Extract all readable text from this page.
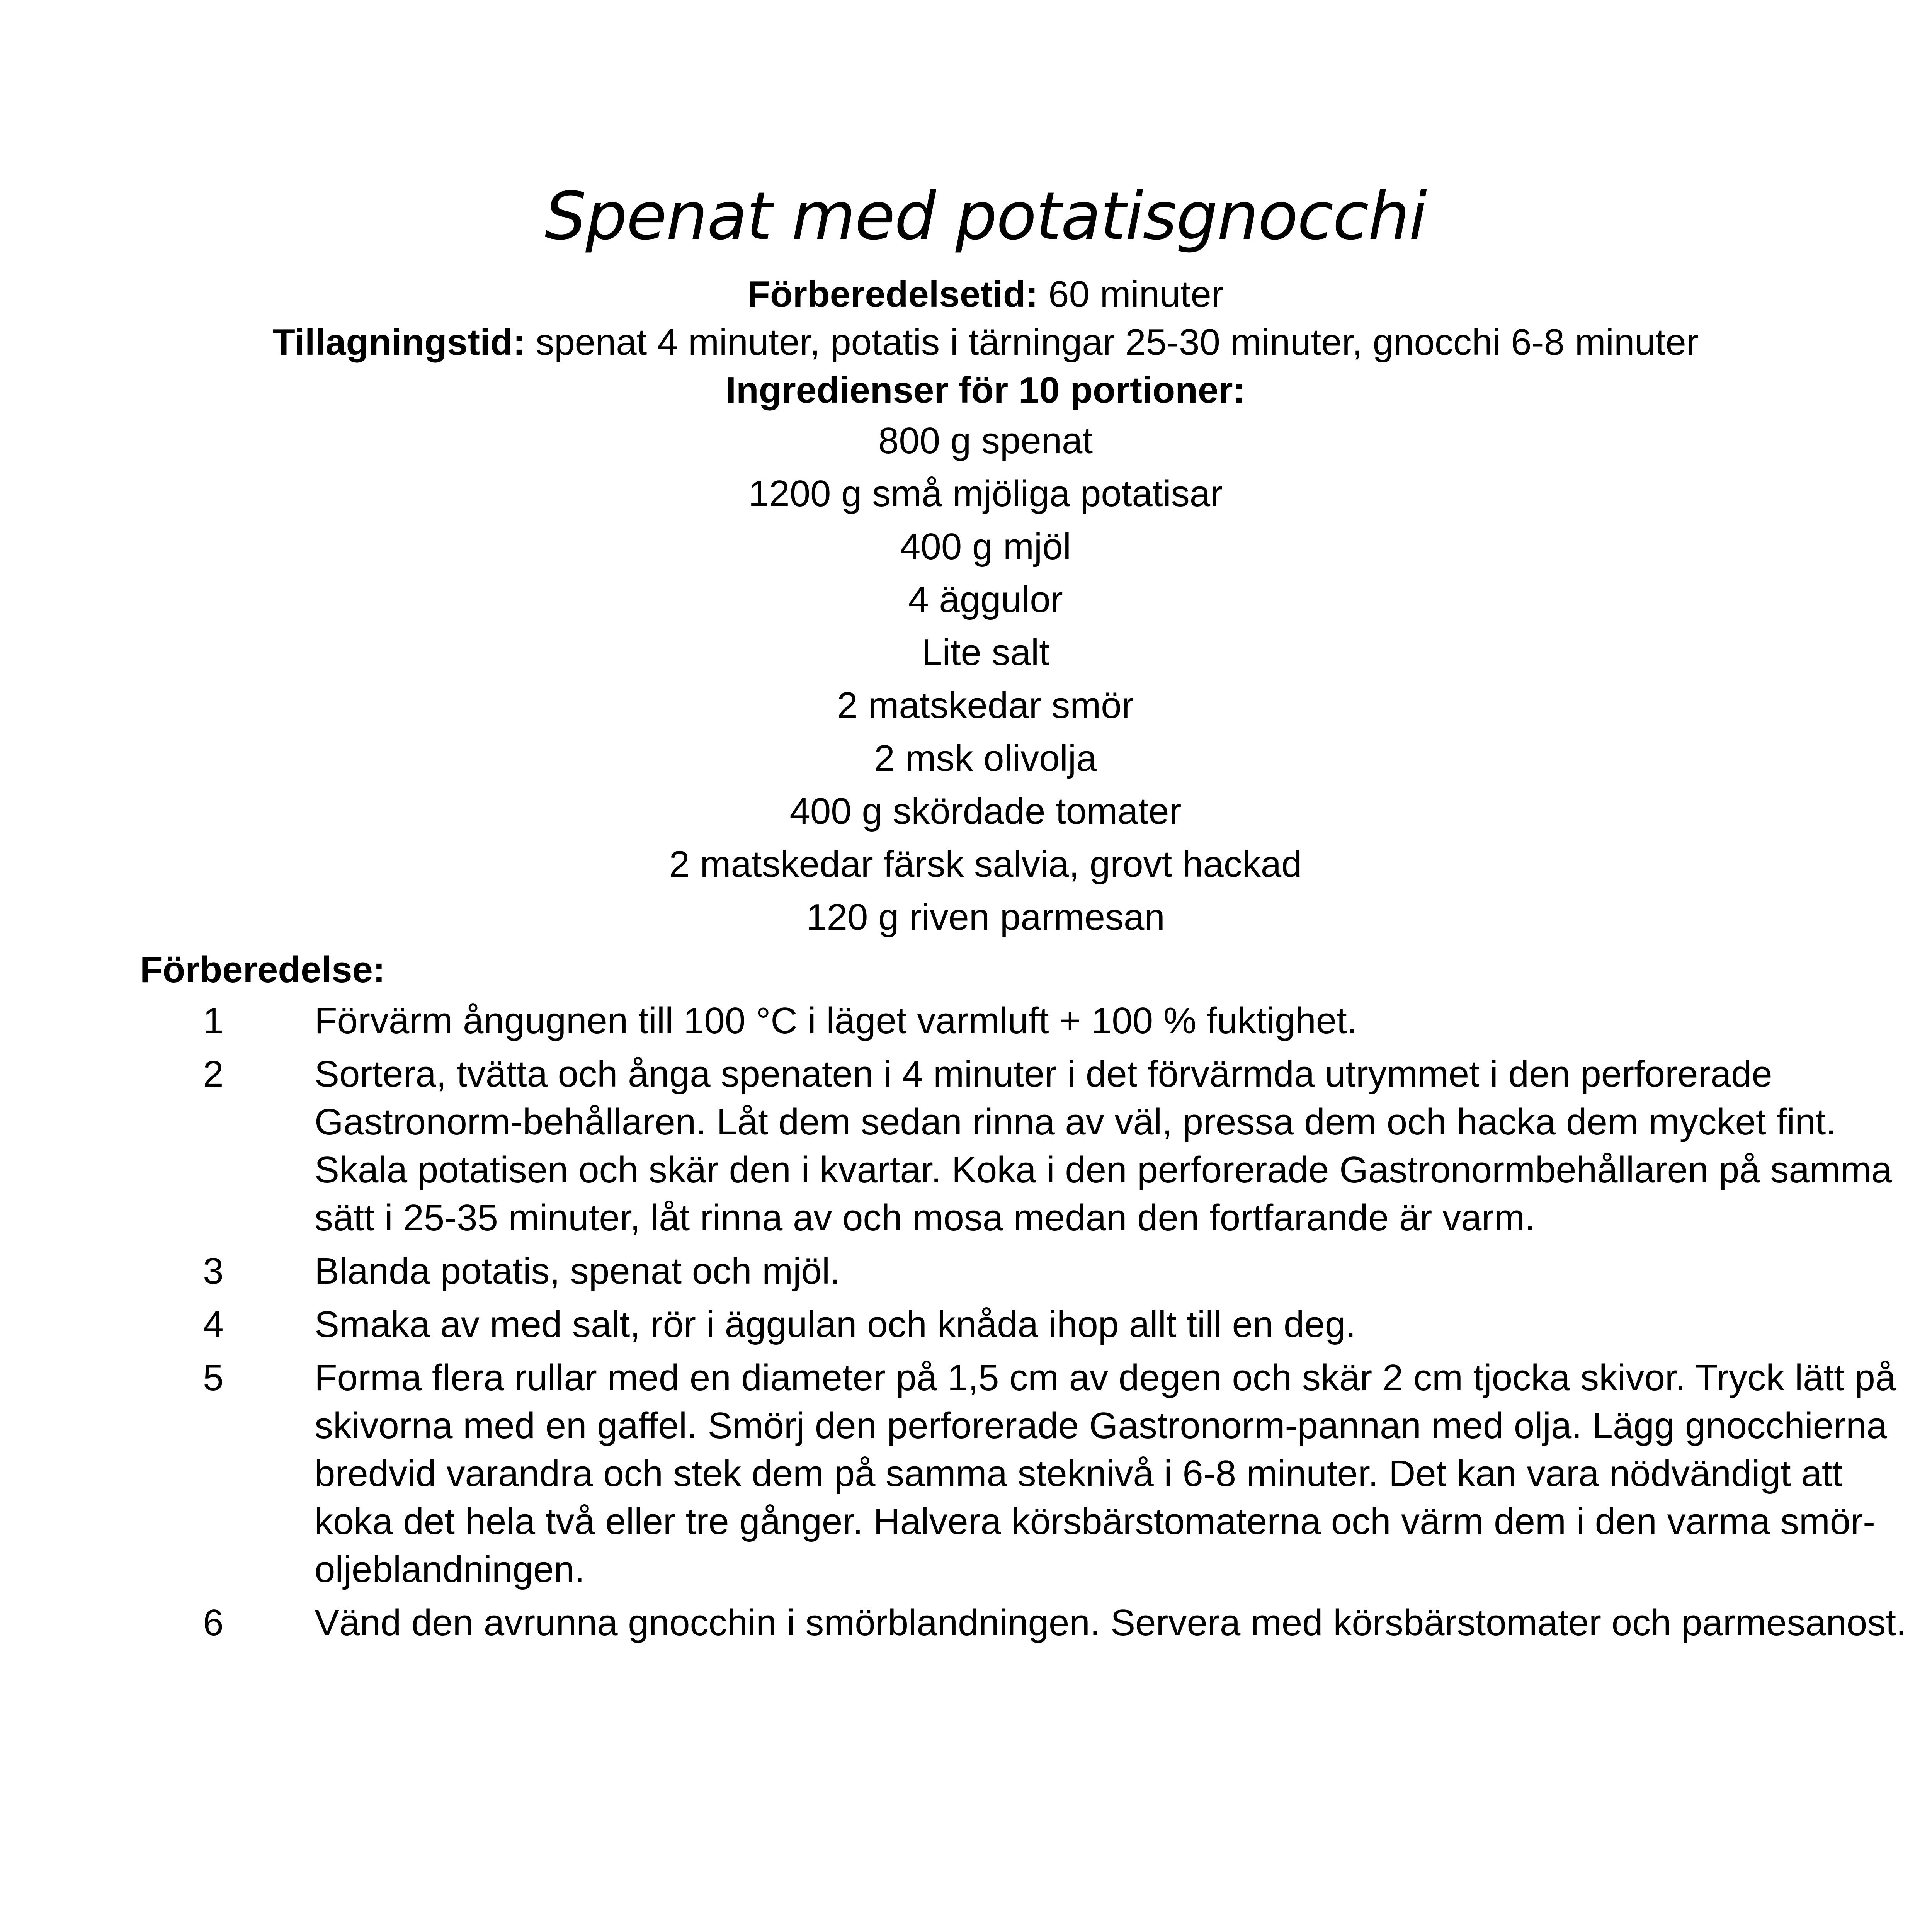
Spenat med potatisgnocchi
Förberedelsetid: 60 minuter
Tillagningstid: spenat 4 minuter, potatis i tärningar 25-30 minuter, gnocchi 6-8 minuter
Ingredienser för 10 portioner:
800 g spenat
1200 g små mjöliga potatisar
400 g mjöl
4 äggulor
Lite salt
2 matskedar smör
2 msk olivolja
400 g skördade tomater
2 matskedar färsk salvia, grovt hackad
120 g riven parmesan
Förberedelse:
1 Förvärm ångugnen till 100 °C i läget varmluft + 100 % fuktighet.
2 Sortera, tvätta och ånga spenaten i 4 minuter i det förvärmda utrymmet i den perforerade Gastronorm-behållaren. Låt dem sedan rinna av väl, pressa dem och hacka dem mycket fint. Skala potatisen och skär den i kvartar. Koka i den perforerade Gastronormbehållaren på samma sätt i 25-35 minuter, låt rinna av och mosa medan den fortfarande är varm.
3 Blanda potatis, spenat och mjöl.
4 Smaka av med salt, rör i äggulan och knåda ihop allt till en deg.
5 Forma flera rullar med en diameter på 1,5 cm av degen och skär 2 cm tjocka skivor. Tryck lätt på skivorna med en gaffel. Smörj den perforerade Gastronorm-pannan med olja. Lägg gnocchierna bredvid varandra och stek dem på samma steknivå i 6-8 minuter. Det kan vara nödvändigt att koka det hela två eller tre gånger. Halvera körsbärstomaterna och värm dem i den varma smör-oljeblandningen.
6 Vänd den avrunna gnocchin i smörblandningen. Servera med körsbärstomater och parmesanost.
